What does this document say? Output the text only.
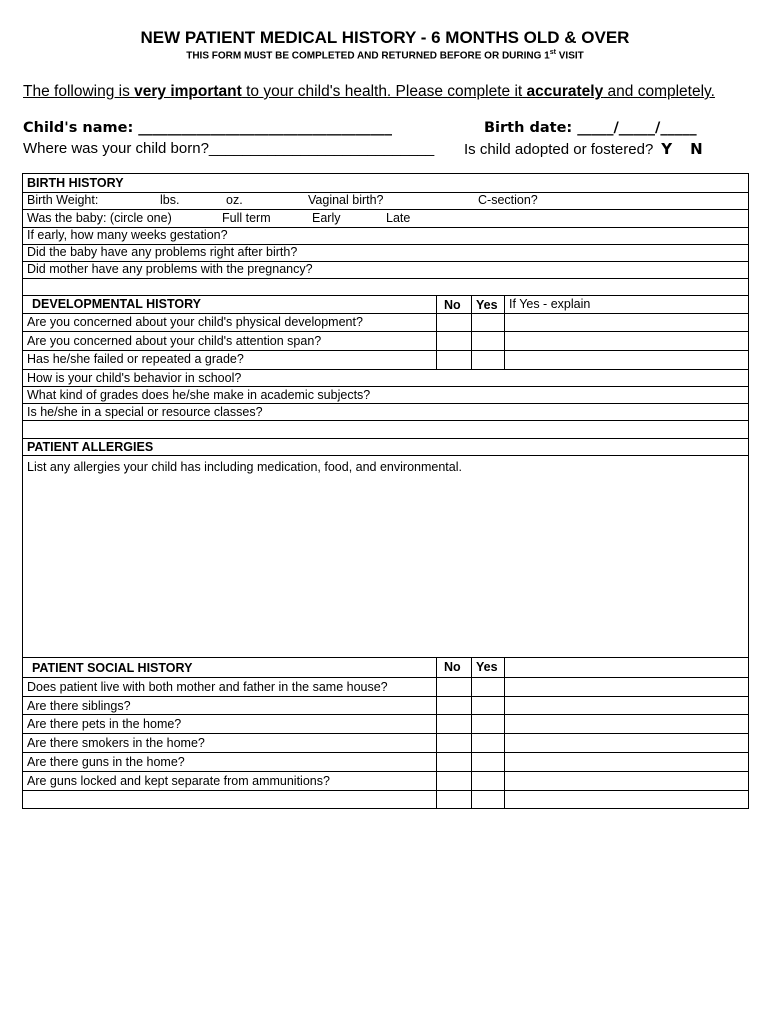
NEW PATIENT MEDICAL HISTORY - 6 MONTHS OLD & OVER
THIS FORM MUST BE COMPLETED AND RETURNED BEFORE OR DURING 1st VISIT
The following is very important to your child's health. Please complete it accurately and completely.
Child's name: ___________________________________	Birth date: _____/_____/_____
Where was your child born?___________________________ Is child adopted or fostered? Y N
BIRTH HISTORY
Birth Weight:	lbs.	oz.	Vaginal birth?	C-section?
Was the baby: (circle one)	Full term	Early	Late
If early, how many weeks gestation?
Did the baby have any problems right after birth?
Did mother have any problems with the pregnancy?
DEVELOPMENTAL HISTORY	No Yes If Yes - explain
Are you concerned about your child's physical development?
Are you concerned about your child's attention span?
Has he/she failed or repeated a grade?
How is your child's behavior in school?
What kind of grades does he/she make in academic subjects?
Is he/she in a special or resource classes?
PATIENT ALLERGIES
List any allergies your child has including medication, food, and environmental.
PATIENT SOCIAL HISTORY	No Yes
Does patient live with both mother and father in the same house?
Are there siblings?
Are there pets in the home?
Are there smokers in the home?
Are there guns in the home?
Are guns locked and kept separate from ammunitions?
